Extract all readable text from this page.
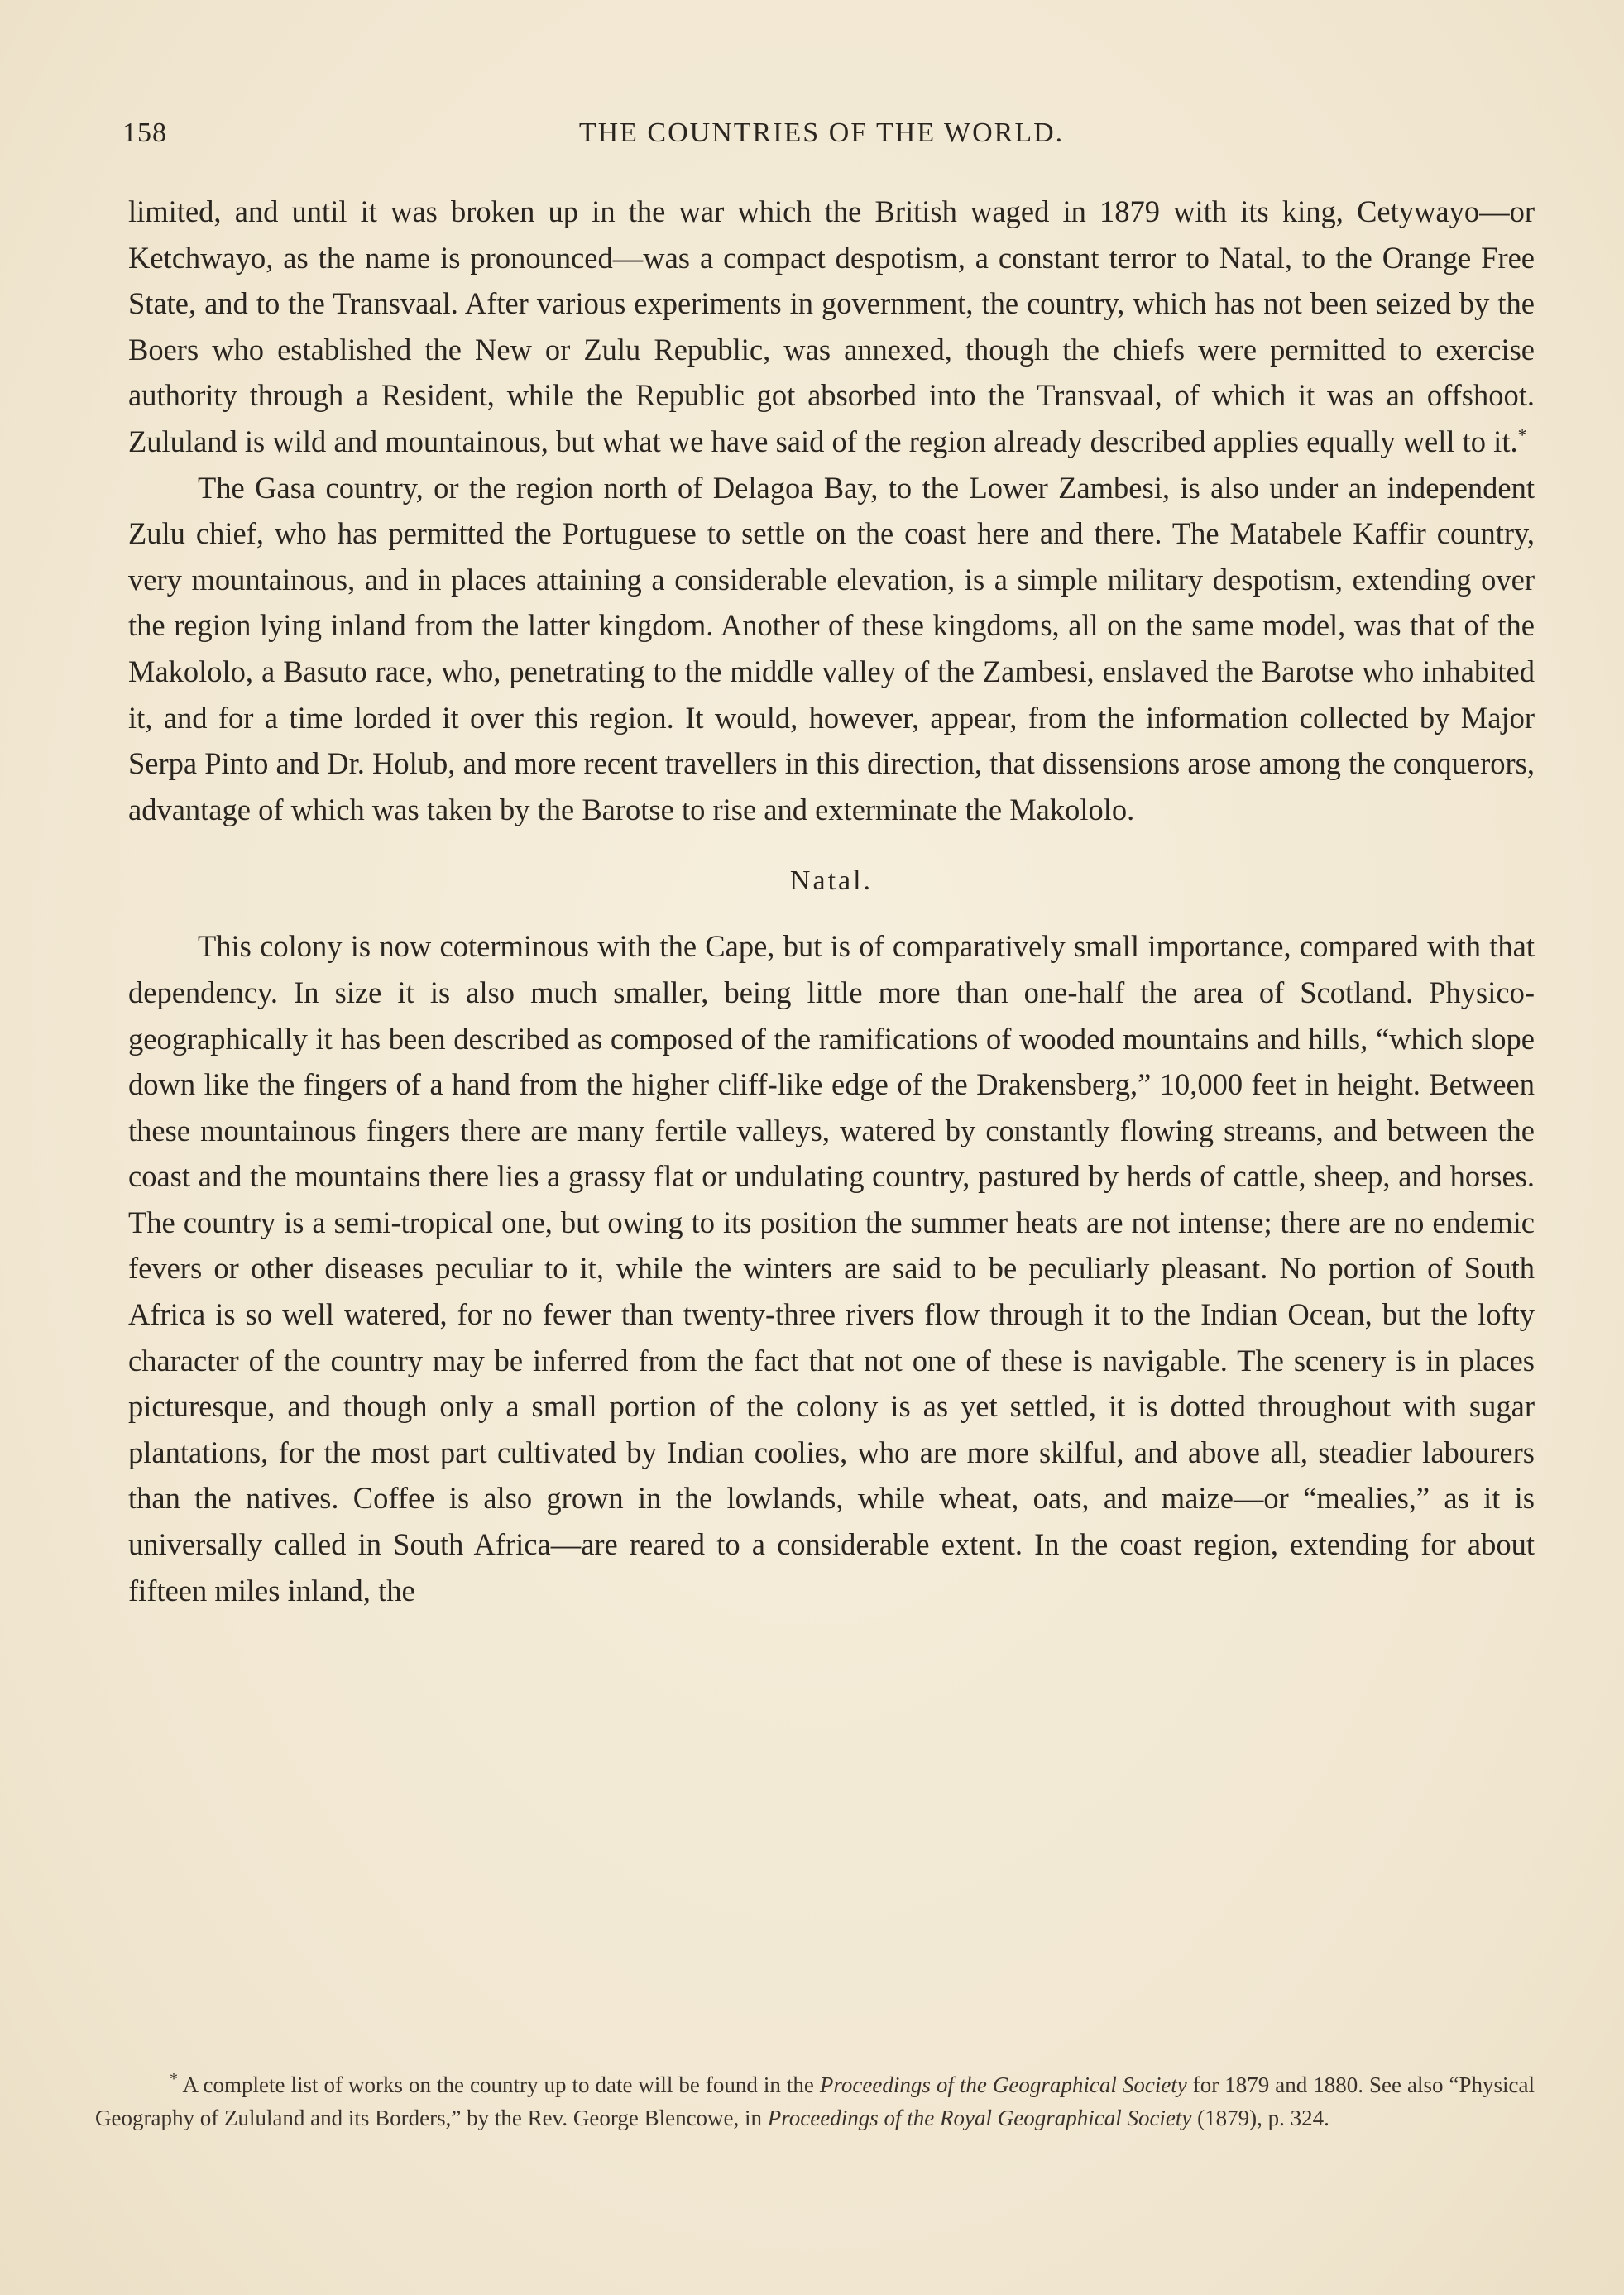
158	THE COUNTRIES OF THE WORLD.

limited, and until it was broken up in the war which the British waged in 1879 with its king, Cetywayo—or Ketchwayo, as the name is pronounced—was a compact despotism, a constant terror to Natal, to the Orange Free State, and to the Transvaal. After various experiments in government, the country, which has not been seized by the Boers who established the New or Zulu Republic, was annexed, though the chiefs were permitted to exercise authority through a Resident, while the Republic got absorbed into the Transvaal, of which it was an offshoot. Zululand is wild and mountainous, but what we have said of the region already described applies equally well to it.*

The Gasa country, or the region north of Delagoa Bay, to the Lower Zambesi, is also under an independent Zulu chief, who has permitted the Portuguese to settle on the coast here and there. The Matabele Kaffir country, very mountainous, and in places attaining a considerable elevation, is a simple military despotism, extending over the region lying inland from the latter kingdom. Another of these kingdoms, all on the same model, was that of the Makololo, a Basuto race, who, penetrating to the middle valley of the Zambesi, enslaved the Barotse who inhabited it, and for a time lorded it over this region. It would, however, appear, from the information collected by Major Serpa Pinto and Dr. Holub, and more recent travellers in this direction, that dissensions arose among the conquerors, advantage of which was taken by the Barotse to rise and exterminate the Makololo.

Natal.

This colony is now coterminous with the Cape, but is of comparatively small importance, compared with that dependency. In size it is also much smaller, being little more than one-half the area of Scotland. Physico-geographically it has been described as composed of the ramifications of wooded mountains and hills, “which slope down like the fingers of a hand from the higher cliff-like edge of the Drakensberg,” 10,000 feet in height. Between these mountainous fingers there are many fertile valleys, watered by constantly flowing streams, and between the coast and the mountains there lies a grassy flat or undulating country, pastured by herds of cattle, sheep, and horses. The country is a semi-tropical one, but owing to its position the summer heats are not intense; there are no endemic fevers or other diseases peculiar to it, while the winters are said to be peculiarly pleasant. No portion of South Africa is so well watered, for no fewer than twenty-three rivers flow through it to the Indian Ocean, but the lofty character of the country may be inferred from the fact that not one of these is navigable. The scenery is in places picturesque, and though only a small portion of the colony is as yet settled, it is dotted throughout with sugar plantations, for the most part cultivated by Indian coolies, who are more skilful, and above all, steadier labourers than the natives. Coffee is also grown in the lowlands, while wheat, oats, and maize—or “mealies,” as it is universally called in South Africa—are reared to a considerable extent. In the coast region, extending for about fifteen miles inland, the

* A complete list of works on the country up to date will be found in the Proceedings of the Geographical Society for 1879 and 1880. See also “Physical Geography of Zululand and its Borders,” by the Rev. George Blencowe, in Proceedings of the Royal Geographical Society (1879), p. 324.
